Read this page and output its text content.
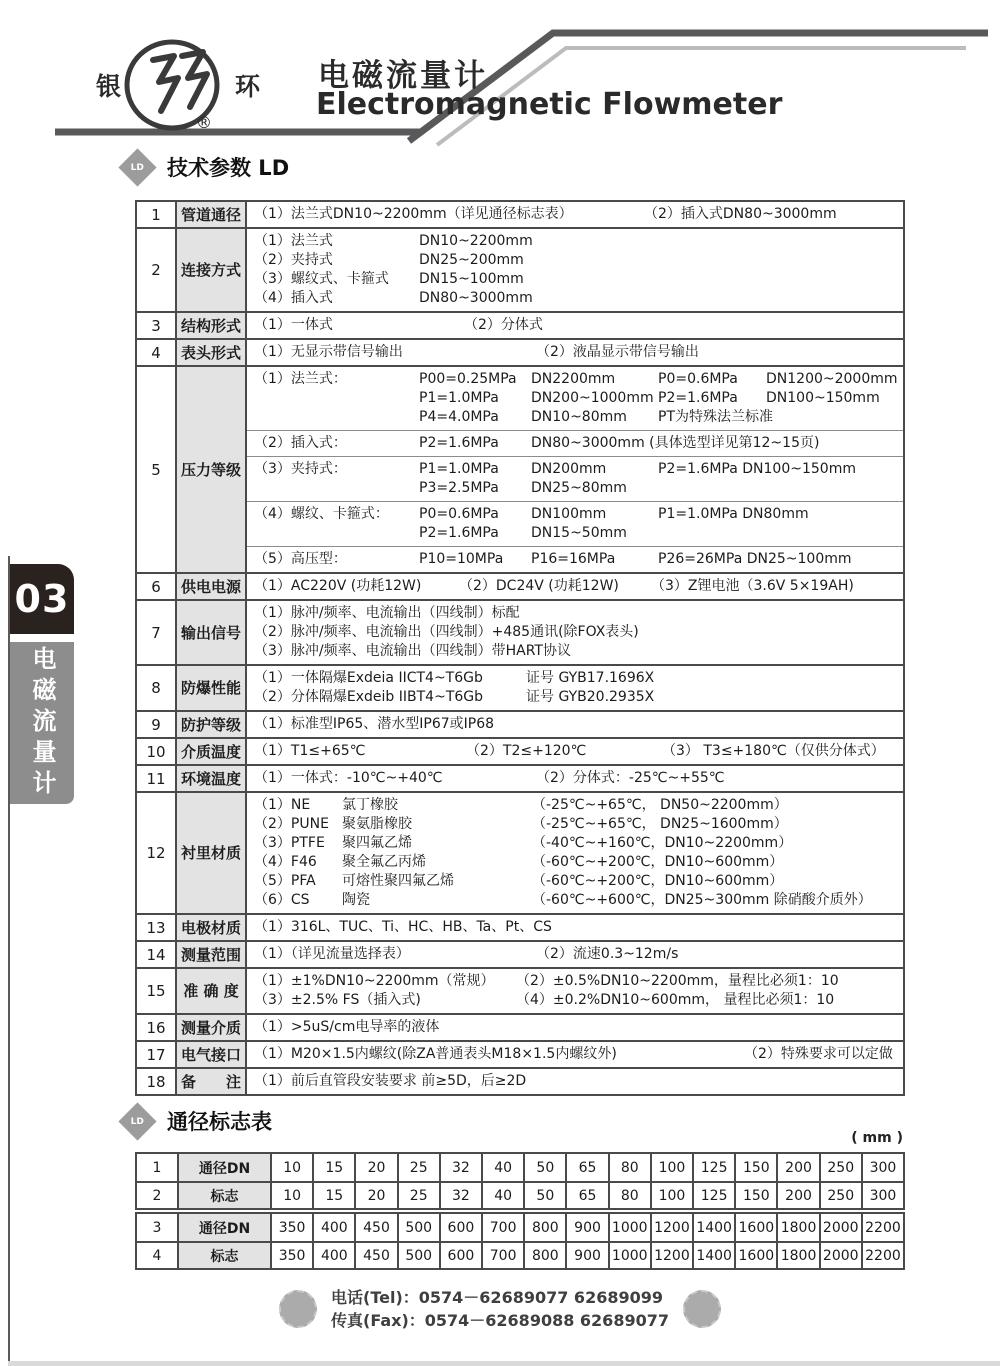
银	环
®
电磁流量计
Electromagnetic Flowmeter
LD 技术参数 LD
1	管道通径 （1）法兰式DN10~2200mm（详见通径标志表）	（2）插入式DN80~3000mm
2	连接方式
（1）法兰式	DN10~2200mm
（2）夹持式	DN25~200mm
（3）螺纹式、卡箍式	DN15~100mm
（4）插入式	DN80~3000mm
3	结构形式 （1）一体式	（2）分体式
4	表头形式 （1）无显示带信号输出	（2）液晶显示带信号输出
5	压力等级
（1）法兰式：	P00=0.25MPa	DN2200mm	P0=0.6MPa	DN1200~2000mm
P1=1.0MPa	DN200~1000mm P2=1.6MPa	DN100~150mm
P4=4.0MPa	DN10~80mm	PT为特殊法兰标准
（2）插入式：	P2=1.6MPa	DN80~3000mm (具体选型详见第12~15页)
（3）夹持式：	P1=1.0MPa	DN200mm	P2=1.6MPa DN100~150mm
P3=2.5MPa	DN25~80mm
（4）螺纹、卡箍式：	P0=0.6MPa	DN100mm	P1=1.0MPa DN80mm
P2=1.6MPa	DN15~50mm
（5）高压型：	P10=10MPa	P16=16MPa	P26=26MPa DN25~100mm
6	供电电源 （1）AC220V (功耗12W)	（2）DC24V (功耗12W)	（3）Z锂电池（3.6V 5×19AH)
7	输出信号
（1）脉冲/频率、电流输出（四线制）标配
（2）脉冲/频率、电流输出（四线制）+485通讯(除FOX表头)
（3）脉冲/频率、电流输出（四线制）带HART协议
8	防爆性能
（1）一体隔爆Exdeia IICT4~T6Gb	证号 GYB17.1696X
（2）分体隔爆Exdeib IIBT4~T6Gb	证号 GYB20.2935X
9	防护等级 （1）标准型IP65、潜水型IP67或IP68
10	介质温度 （1）T1≤+65℃	（2）T2≤+120℃	（3） T3≤+180℃（仅供分体式）
11	环境温度 （1）一体式：-10℃~+40℃	（2）分体式：-25℃~+55℃
12	衬里材质
（1）NE	氯丁橡胶	（-25℃~+65℃， DN50~2200mm）
（2）PUNE 聚氨脂橡胶	（-25℃~+65℃， DN25~1600mm）
（3）PTFE	聚四氟乙烯	（-40℃~+160℃，DN10~2200mm）
（4）F46	聚全氟乙丙烯	（-60℃~+200℃，DN10~600mm）
（5）PFA	可熔性聚四氟乙烯	（-60℃~+200℃，DN10~600mm）
（6）CS	陶瓷	（-60℃~+600℃，DN25~300mm 除硝酸介质外）
13	电极材质 （1）316L、TUC、Ti、HC、HB、Ta、Pt、CS
14	测量范围 （1）（详见流量选择表）	（2）流速0.3~12m/s
15	准 确 度
（1）±1%DN10~2200mm（常规）	（2）±0.5%DN10~2200mm，量程比必须1：10
（3）±2.5% FS（插入式)	（4）±0.2%DN10~600mm， 量程比必须1：10
16	测量介质 （1）>5uS/cm电导率的液体
17	电气接口 （1）M20×1.5内螺纹(除ZA普通表头M18×1.5内螺纹外)	（2）特殊要求可以定做
18	备　　注 （1）前后直管段安装要求 前≥5D，后≥2D
LD 通径标志表
( mm )
1	通径DN	10	15	20	25	32	40	50	65	80	100	125	150	200	250	300
2	标志	10	15	20	25	32	40	50	65	80	100	125	150	200	250	300
3	通径DN	350	400	450	500	600	700	800	900 1000 1200 1400 1600 1800 2000 2200
4	标志	350	400	450	500	600	700	800	900 1000 1200 1400 1600 1800 2000 2200
03
电磁流量计
电话(Tel)：0574－62689077 62689099
传真(Fax)：0574－62689088 62689077
